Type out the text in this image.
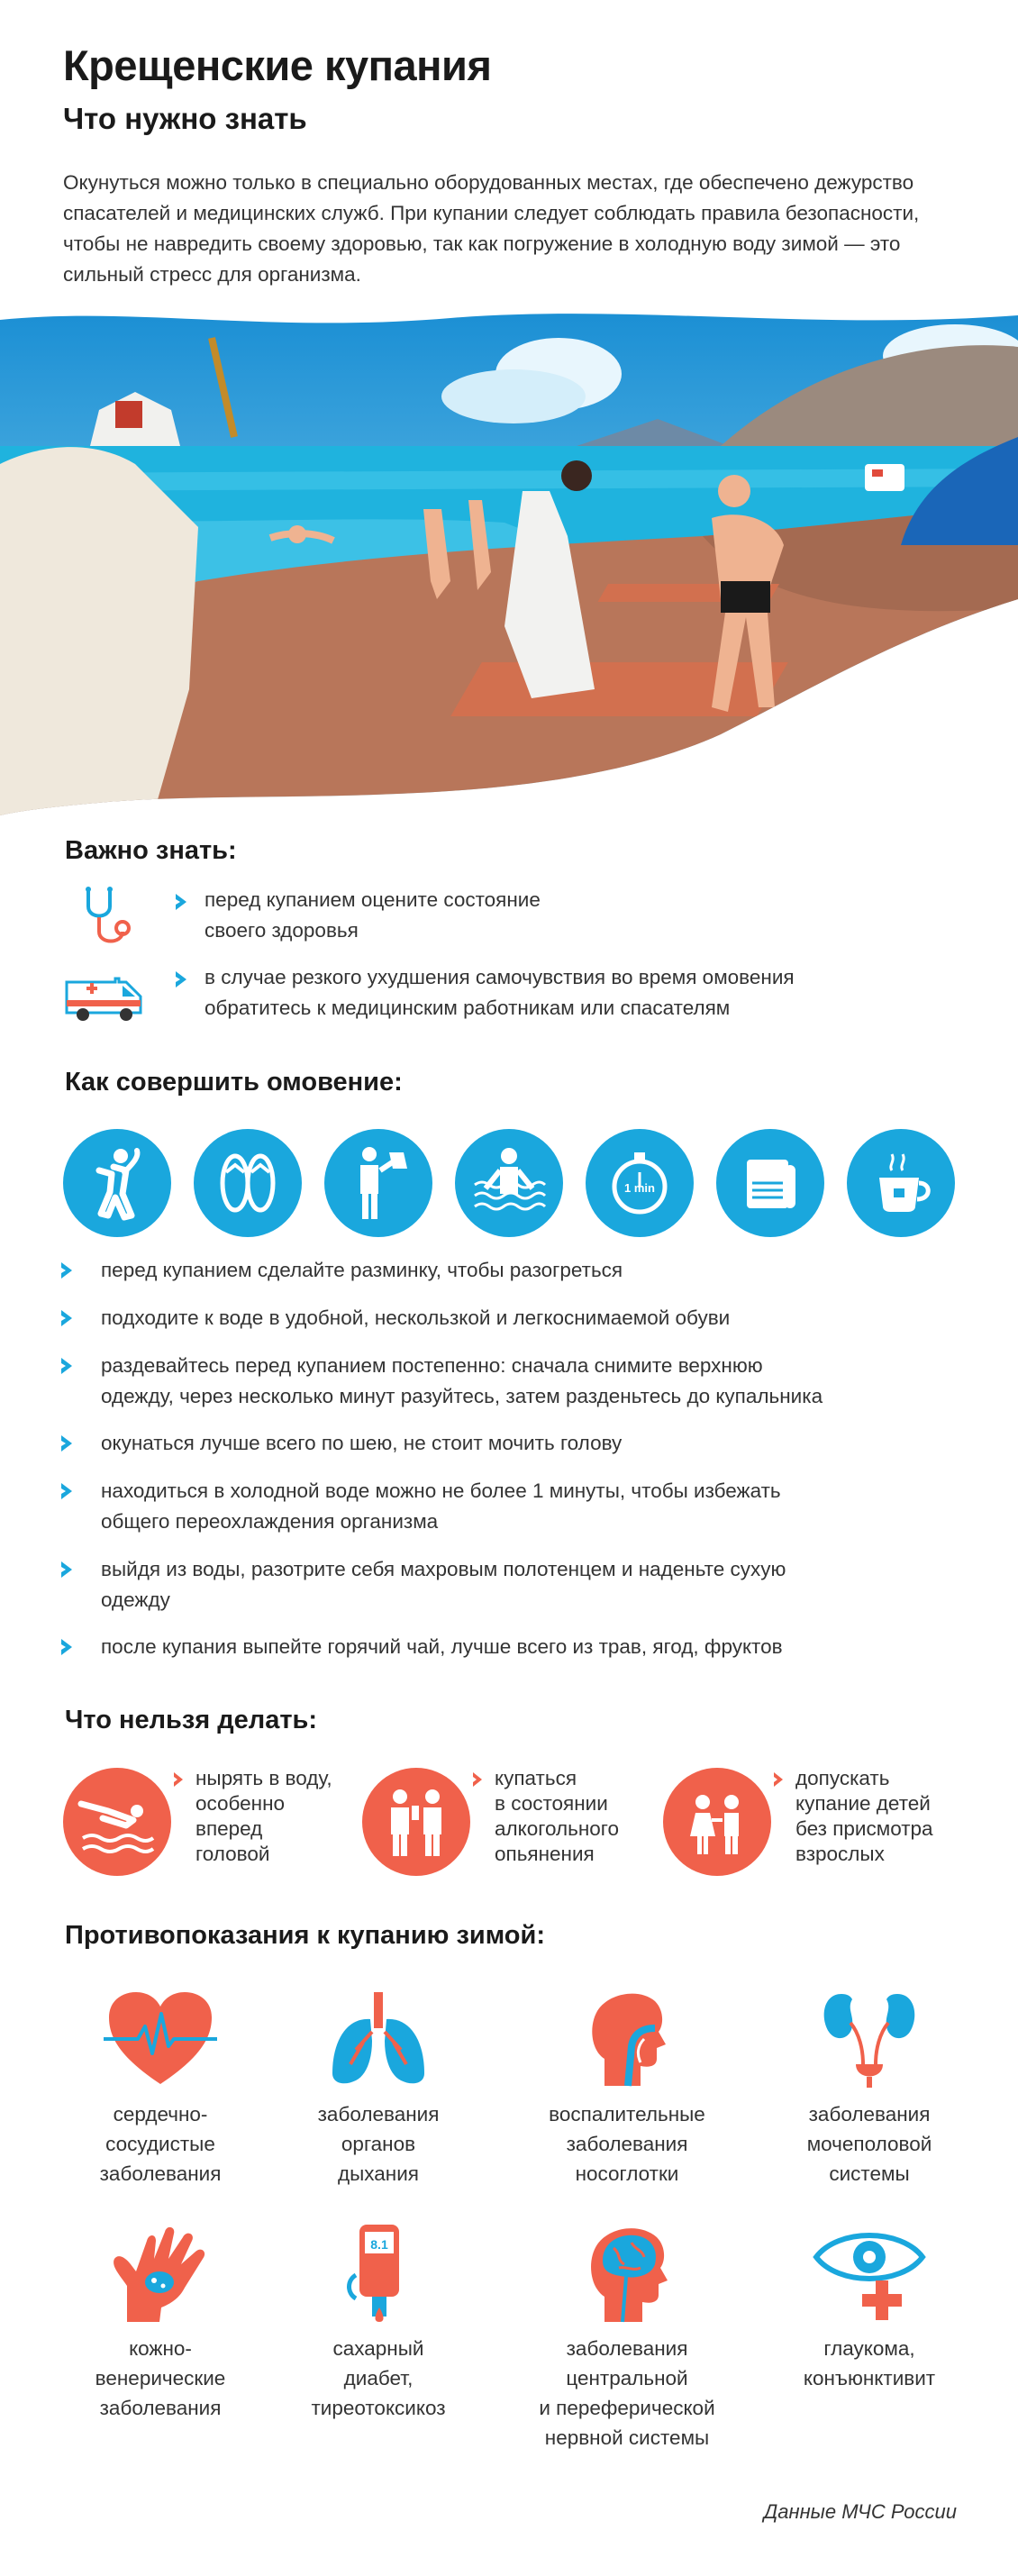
Крещенские купания
Что нужно знать
Окунуться можно только в специально оборудованных местах, где обеспечено дежурство спасателей и медицинских служб. При купании следует соблюдать правила безопасности, чтобы не навредить своему здоровью, так как погружение в холодную воду зимой — это сильный стресс для организма.
Важно знать:
перед купанием оцените состояние
своего здоровья
в случае резкого ухудшения самочувствия во время омовения
обратитесь к медицинским работникам или спасателям
Как совершить омовение:
1 min
перед купанием сделайте разминку, чтобы разогреться
подходите к воде в удобной, нескользкой и легкоснимаемой обуви
раздевайтесь перед купанием постепенно: сначала снимите верхнюю
одежду, через несколько минут разуйтесь, затем разденьтесь до купальника
окунаться лучше всего по шею, не стоит мочить голову
находиться в холодной воде можно не более 1 минуты, чтобы избежать
общего переохлаждения организма
выйдя из воды, разотрите себя махровым полотенцем и наденьте сухую
одежду
после купания выпейте горячий чай, лучше всего из трав, ягод, фруктов
Что нельзя делать:
нырять в воду,
особенно
вперед
головой
купаться
в состоянии
алкогольного
опьянения
допускать
купание детей
без присмотра
взрослых
Противопоказания к купанию зимой:
сердечно-
сосудистые
заболевания
заболевания
органов
дыхания
воспалительные
заболевания
носоглотки
заболевания
мочеполовой
системы
кожно-
венерические
заболевания
8.1
сахарный
диабет,
тиреотоксикоз
заболевания
центральной
и переферической
нервной системы
глаукома,
конъюнктивит
Данные МЧС России
